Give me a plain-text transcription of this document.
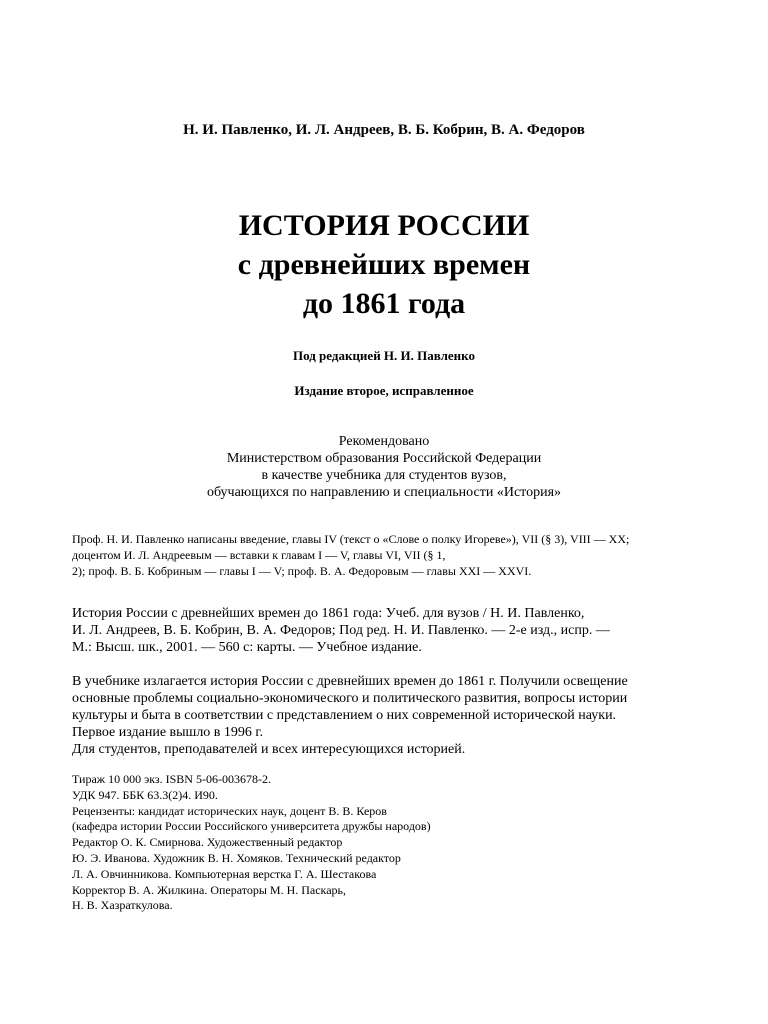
Н. И. Павленко, И. Л. Андреев, В. Б. Кобрин, В. А. Федоров
ИСТОРИЯ РОССИИ
с древнейших времен
до 1861 года
Под редакцией Н. И. Павленко
Издание второе, исправленное
Рекомендовано
Министерством образования Российской Федерации
в качестве учебника для студентов вузов,
обучающихся по направлению и специальности «История»
Проф. Н. И. Павленко написаны введение, главы IV (текст о «Слове о полку Игореве»), VII (§ 3), VIII — XX;
доцентом И. Л. Андреевым — вставки к главам I — V, главы VI, VII (§ 1,
2); проф. В. Б. Кобриным — главы I — V; проф. В. А. Федоровым — главы XXI — XXVI.
История России с древнейших времен до 1861 года: Учеб. для вузов / Н. И. Павленко,
И. Л. Андреев, В. Б. Кобрин, В. А. Федоров; Под ред. Н. И. Павленко. — 2-е изд., испр. —
М.: Высш. шк., 2001. — 560 с: карты. — Учебное издание.
В учебнике излагается история России с древнейших времен до 1861 г. Получили освещение
основные проблемы социально-экономического и политического развития, вопросы истории
культуры и быта в соответствии с представлением о них современной исторической науки.
Первое издание вышло в 1996 г.
Для студентов, преподавателей и всех интересующихся историей.
Тираж 10 000 экз. ISBN 5-06-003678-2.
УДК 947. ББК 63.3(2)4. И90.
Рецензенты: кандидат исторических наук, доцент В. В. Керов
(кафедра истории России Российского университета дружбы народов)
Редактор О. К. Смирнова. Художественный редактор
Ю. Э. Иванова. Художник В. Н. Хомяков. Технический редактор
Л. А. Овчинникова. Компьютерная верстка Г. А. Шестакова
Корректор В. А. Жилкина. Операторы М. Н. Паскарь,
Н. В. Хазраткулова.
